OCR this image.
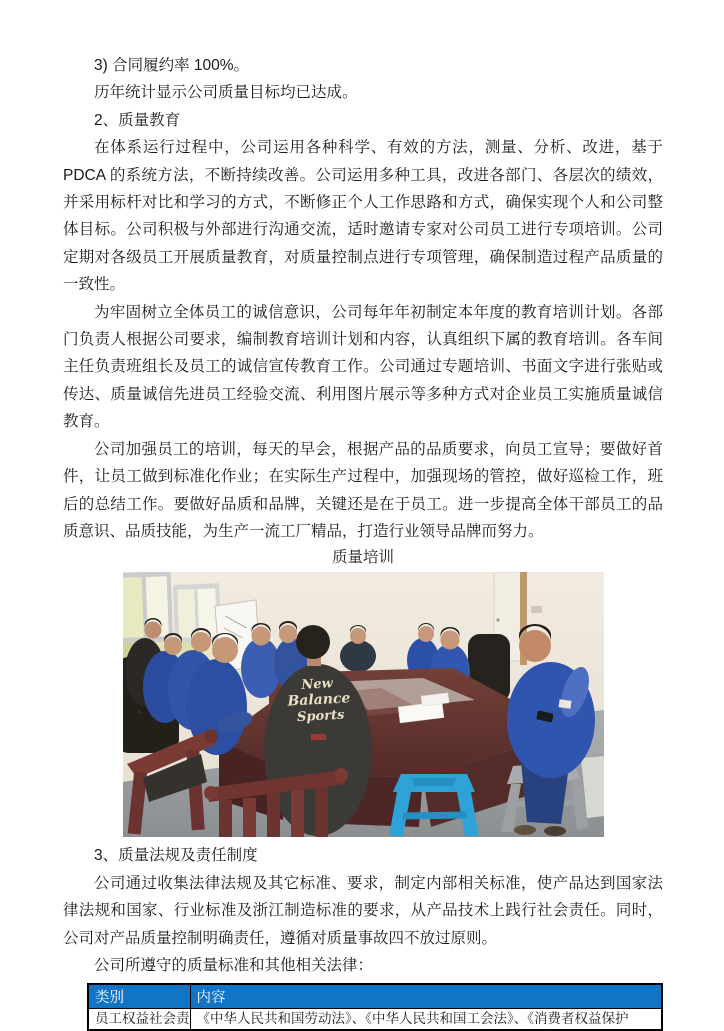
3) 合同履约率 100%。

历年统计显示公司质量目标均已达成。

2、质量教育

在体系运行过程中，公司运用各种科学、有效的方法，测量、分析、改进，基于 PDCA 的系统方法，不断持续改善。公司运用多种工具，改进各部门、各层次的绩效，并采用标杆对比和学习的方式，不断修正个人工作思路和方式，确保实现个人和公司整体目标。公司积极与外部进行沟通交流，适时邀请专家对公司员工进行专项培训。公司定期对各级员工开展质量教育，对质量控制点进行专项管理，确保制造过程产品质量的一致性。

为牢固树立全体员工的诚信意识，公司每年年初制定本年度的教育培训计划。各部门负责人根据公司要求，编制教育培训计划和内容，认真组织下属的教育培训。各车间主任负责班组长及员工的诚信宣传教育工作。公司通过专题培训、书面文字进行张贴或传达、质量诚信先进员工经验交流、利用图片展示等多种方式对企业员工实施质量诚信教育。

公司加强员工的培训，每天的早会，根据产品的品质要求，向员工宣导；要做好首件，让员工做到标准化作业；在实际生产过程中，加强现场的管控，做好巡检工作，班后的总结工作。要做好品质和品牌，关键还是在于员工。进一步提高全体干部员工的品质意识、品质技能，为生产一流工厂精品，打造行业领导品牌而努力。

质量培训

New
Balance
Sports

3、质量法规及责任制度

公司通过收集法律法规及其它标准、要求，制定内部相关标准，使产品达到国家法律法规和国家、行业标准及浙江制造标准的要求，从产品技术上践行社会责任。同时，公司对产品质量控制明确责任，遵循对质量事故四不放过原则。

公司所遵守的质量标准和其他相关法律：

类别	内容
员工权益社会责	《中华人民共和国劳动法》、《中华人民共和国工会法》、《消费者权益保护
